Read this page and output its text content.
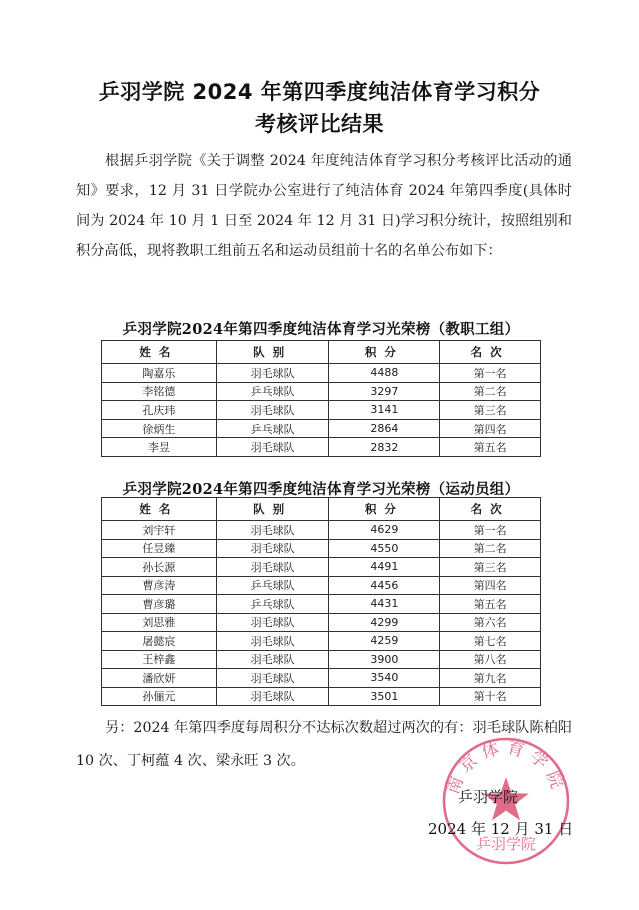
乒羽学院 2024 年第四季度纯洁体育学习积分
考核评比结果
根据乒羽学院《关于调整 2024 年度纯洁体育学习积分考核评比活动的通知》要求，12 月 31 日学院办公室进行了纯洁体育 2024 年第四季度(具体时间为 2024 年 10 月 1 日至 2024 年 12 月 31 日)学习积分统计，按照组别和积分高低，现将教职工组前五名和运动员组前十名的名单公布如下：
乒羽学院2024年第四季度纯洁体育学习光荣榜（教职工组）
姓名	队别	积分	名次
陶嘉乐	羽毛球队	4488	第一名
李铭德	乒乓球队	3297	第二名
孔庆玮	羽毛球队	3141	第三名
徐炳生	乒乓球队	2864	第四名
李昱	羽毛球队	2832	第五名
乒羽学院2024年第四季度纯洁体育学习光荣榜（运动员组）
姓名	队别	积分	名次
刘宇轩	羽毛球队	4629	第一名
任昱臻	羽毛球队	4550	第二名
孙长源	羽毛球队	4491	第三名
曹彦涛	乒乓球队	4456	第四名
曹彦璐	乒乓球队	4431	第五名
刘思雅	羽毛球队	4299	第六名
屠懿宸	羽毛球队	4259	第七名
王梓鑫	羽毛球队	3900	第八名
潘欣妍	羽毛球队	3540	第九名
孙俪元	羽毛球队	3501	第十名
另：2024 年第四季度每周积分不达标次数超过两次的有：羽毛球队陈柏阳 10 次、丁柯蕴 4 次、梁永旺 3 次。
南京体育学院
乒羽学院
乒羽学院
2024 年 12 月 31 日
